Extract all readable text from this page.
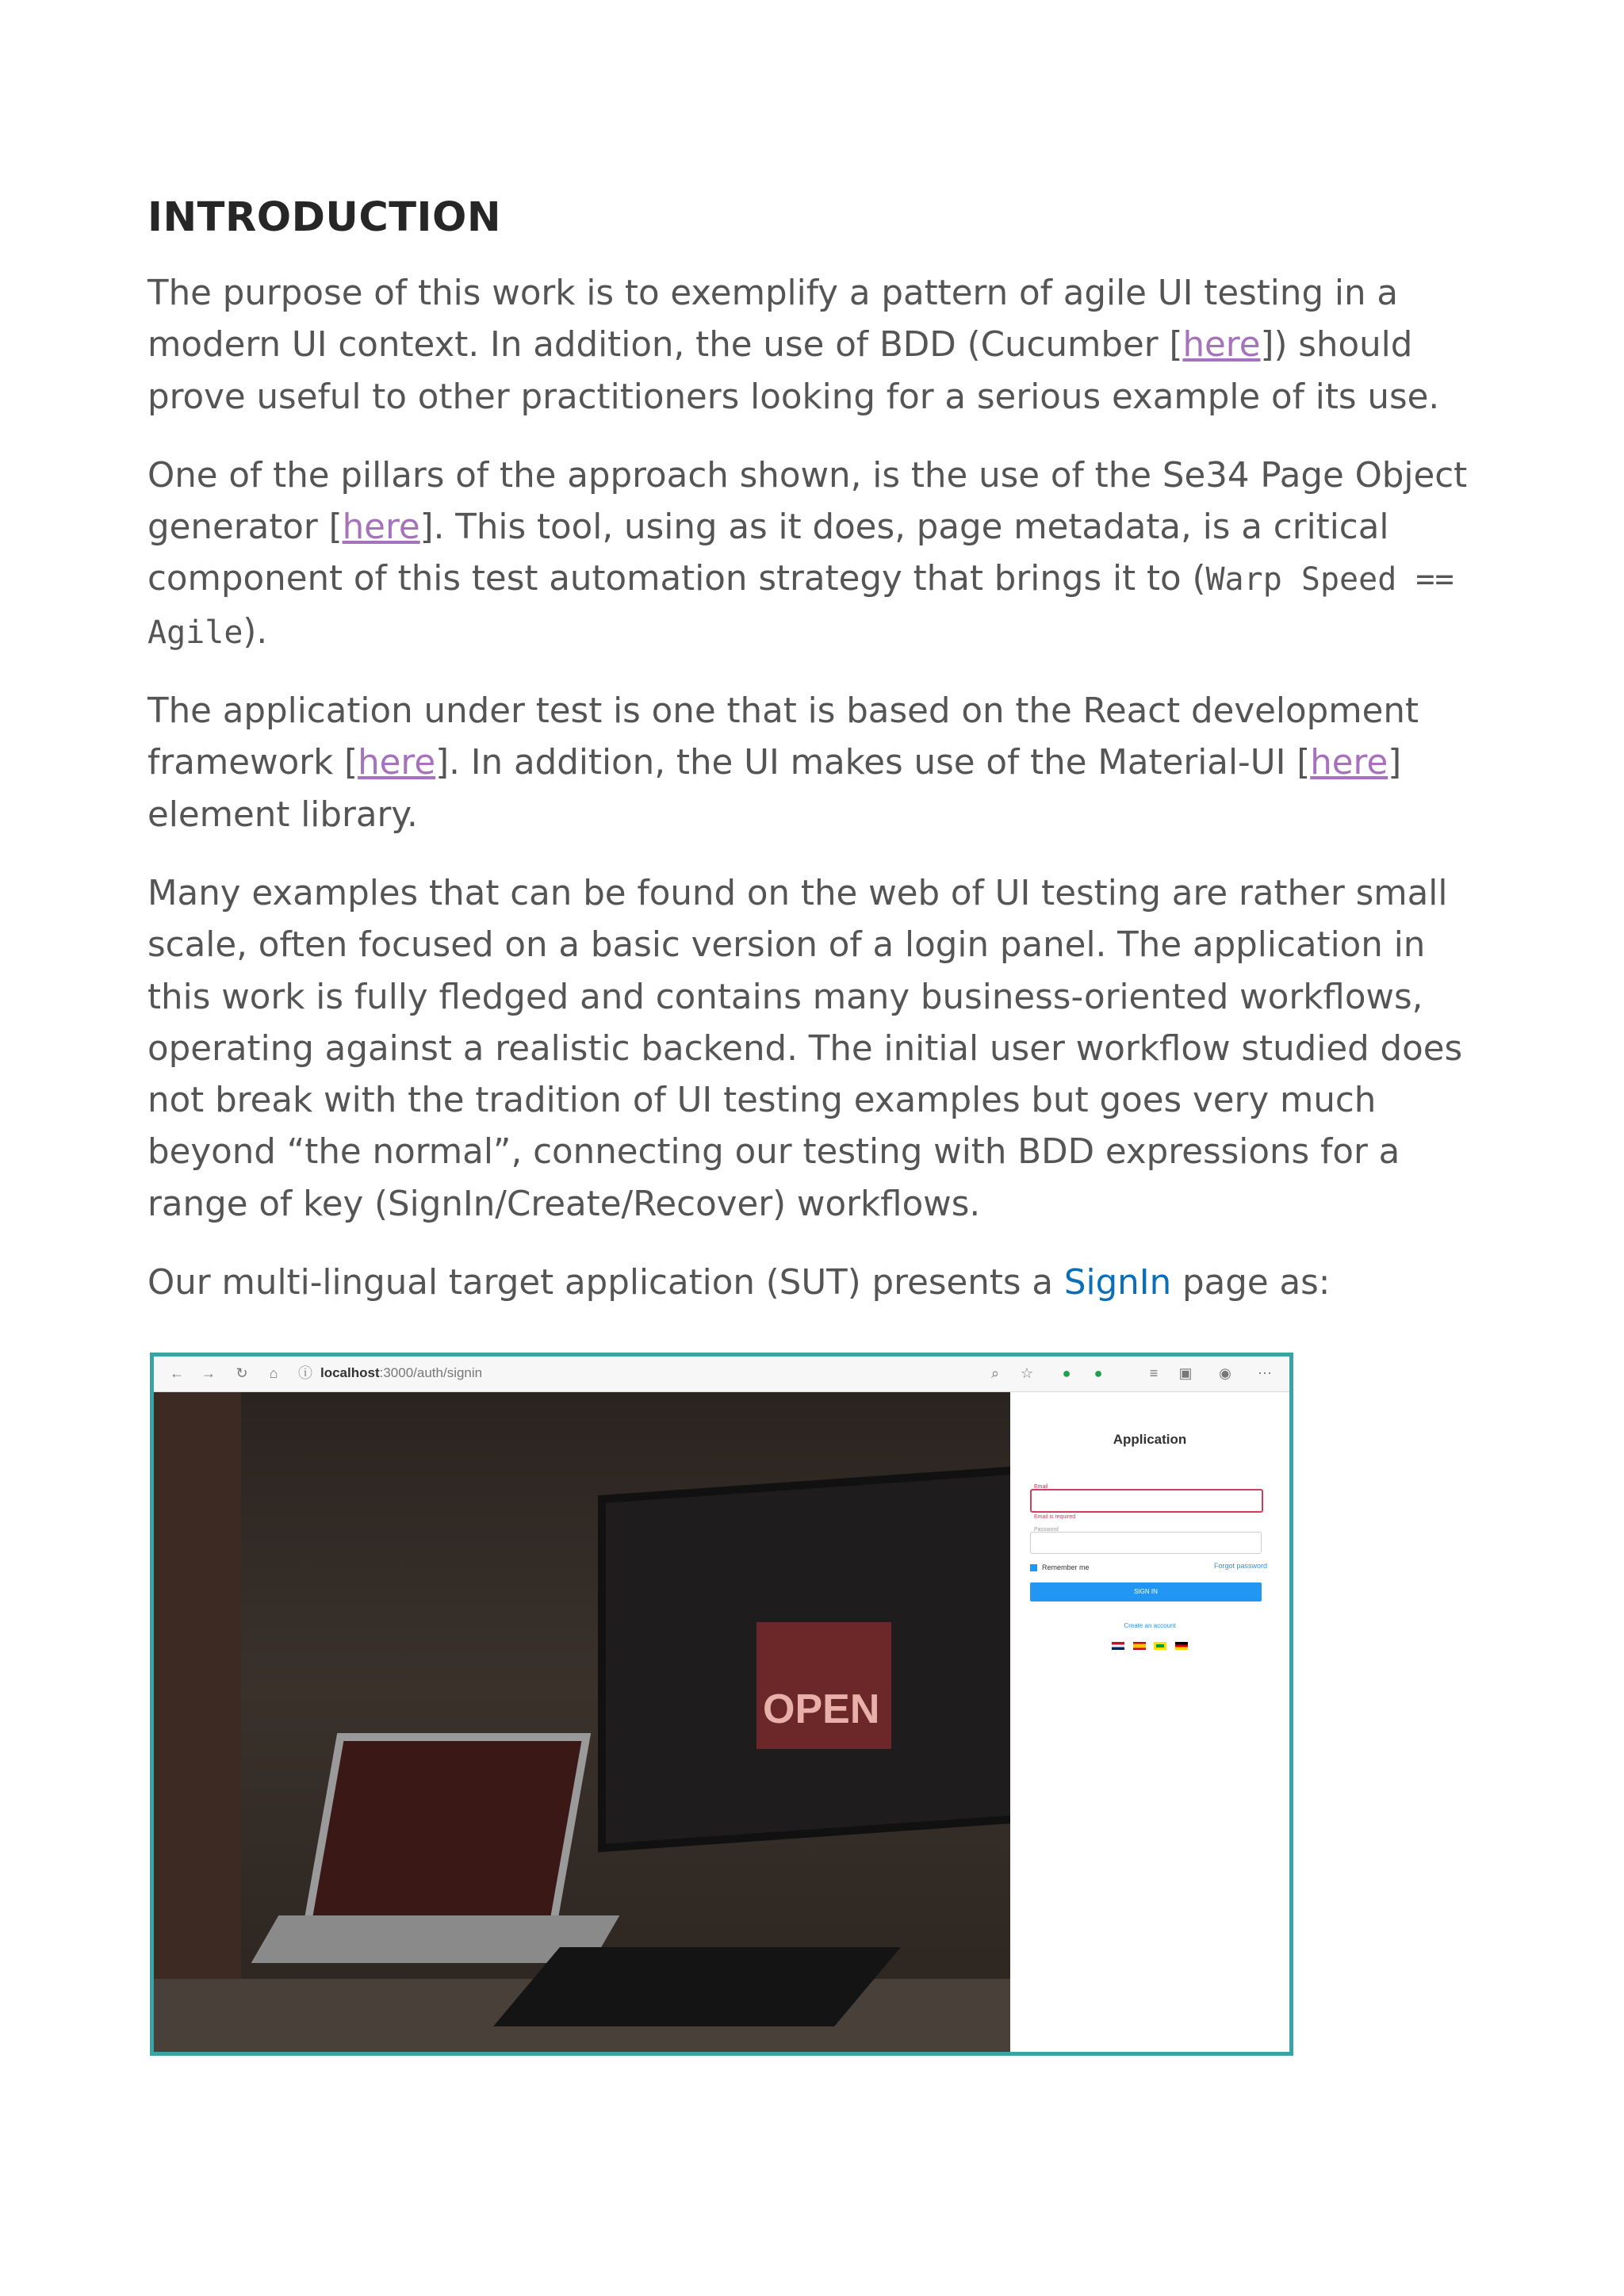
INTRODUCTION

The purpose of this work is to exemplify a pattern of agile UI testing in a modern UI context. In addition, the use of BDD (Cucumber [here]) should prove useful to other practitioners looking for a serious example of its use.

One of the pillars of the approach shown, is the use of the Se34 Page Object generator [here]. This tool, using as it does, page metadata, is a critical component of this test automation strategy that brings it to (Warp Speed == Agile).

The application under test is one that is based on the React development framework [here]. In addition, the UI makes use of the Material-UI [here] element library.

Many examples that can be found on the web of UI testing are rather small scale, often focused on a basic version of a login panel. The application in this work is fully fledged and contains many business-oriented workflows, operating against a realistic backend. The initial user workflow studied does not break with the tradition of UI testing examples but goes very much beyond “the normal”, connecting our testing with BDD expressions for a range of key (SignIn/Create/Recover) workflows.

Our multi-lingual target application (SUT) presents a SignIn page as:

← → ↻	⌂	ⓘ localhost:3000/auth/signin	⌕	☆	●	●	≡	▣ ◉ ⋯
OPEN
Application
Email
Email is required
Password
Remember me	Forgot password
SIGN IN
Create an account
